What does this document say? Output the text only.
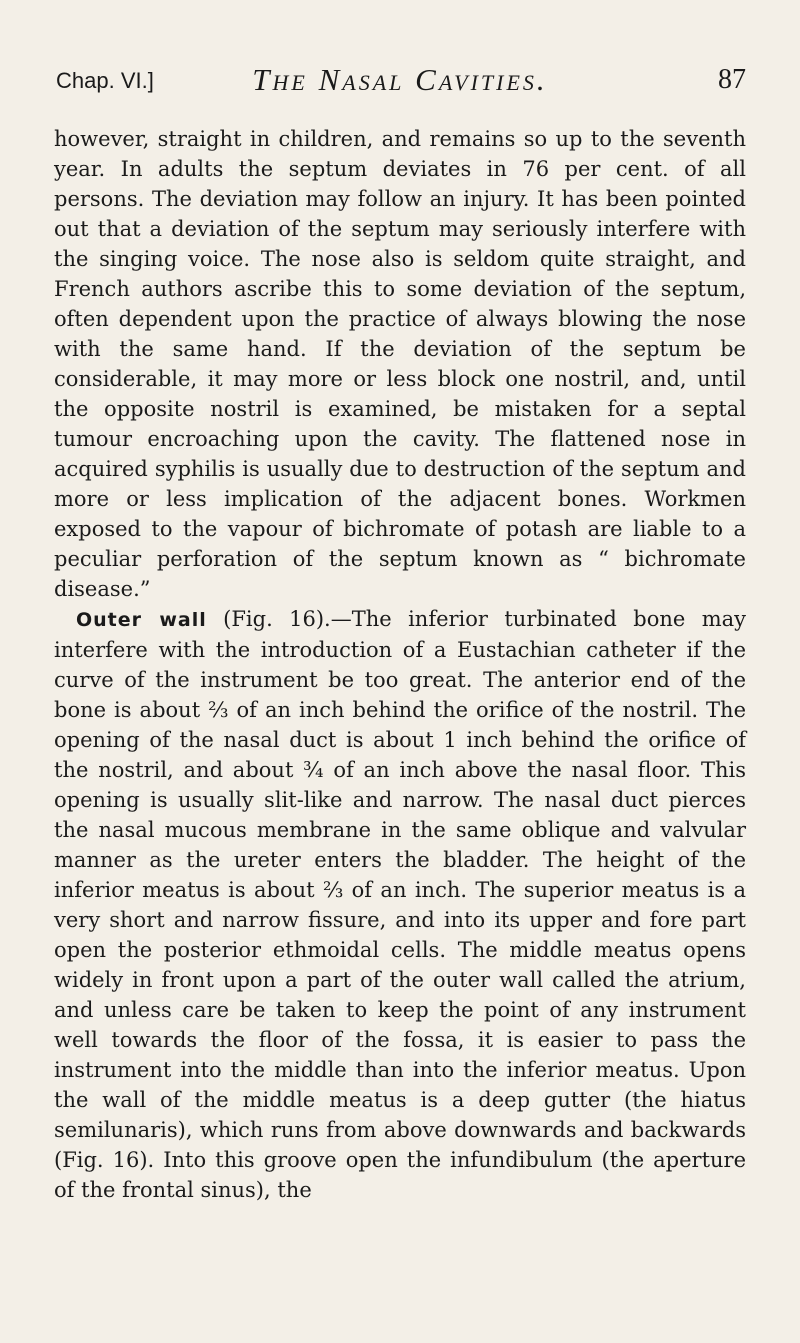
Chap. VI.]	The Nasal Cavities.	87

however, straight in children, and remains so up to the seventh year. In adults the septum deviates in 76 per cent. of all persons. The deviation may follow an injury. It has been pointed out that a deviation of the septum may seriously interfere with the singing voice. The nose also is seldom quite straight, and French authors ascribe this to some deviation of the septum, often dependent upon the practice of always blowing the nose with the same hand. If the deviation of the septum be considerable, it may more or less block one nostril, and, until the opposite nostril is examined, be mistaken for a septal tumour encroaching upon the cavity. The flattened nose in acquired syphilis is usually due to destruction of the septum and more or less implication of the adjacent bones. Workmen exposed to the vapour of bichromate of potash are liable to a peculiar perforation of the septum known as “ bichromate disease.”

Outer wall (Fig. 16).—The inferior turbinated bone may interfere with the introduction of a Eustachian catheter if the curve of the instrument be too great. The anterior end of the bone is about ⅔ of an inch behind the orifice of the nostril. The opening of the nasal duct is about 1 inch behind the orifice of the nostril, and about ¾ of an inch above the nasal floor. This opening is usually slit-like and narrow. The nasal duct pierces the nasal mucous membrane in the same oblique and valvular manner as the ureter enters the bladder. The height of the inferior meatus is about ⅔ of an inch. The superior meatus is a very short and narrow fissure, and into its upper and fore part open the posterior ethmoidal cells. The middle meatus opens widely in front upon a part of the outer wall called the atrium, and unless care be taken to keep the point of any instrument well towards the floor of the fossa, it is easier to pass the instrument into the middle than into the inferior meatus. Upon the wall of the middle meatus is a deep gutter (the hiatus semilunaris), which runs from above downwards and backwards (Fig. 16). Into this groove open the infundibulum (the aperture of the frontal sinus), the
